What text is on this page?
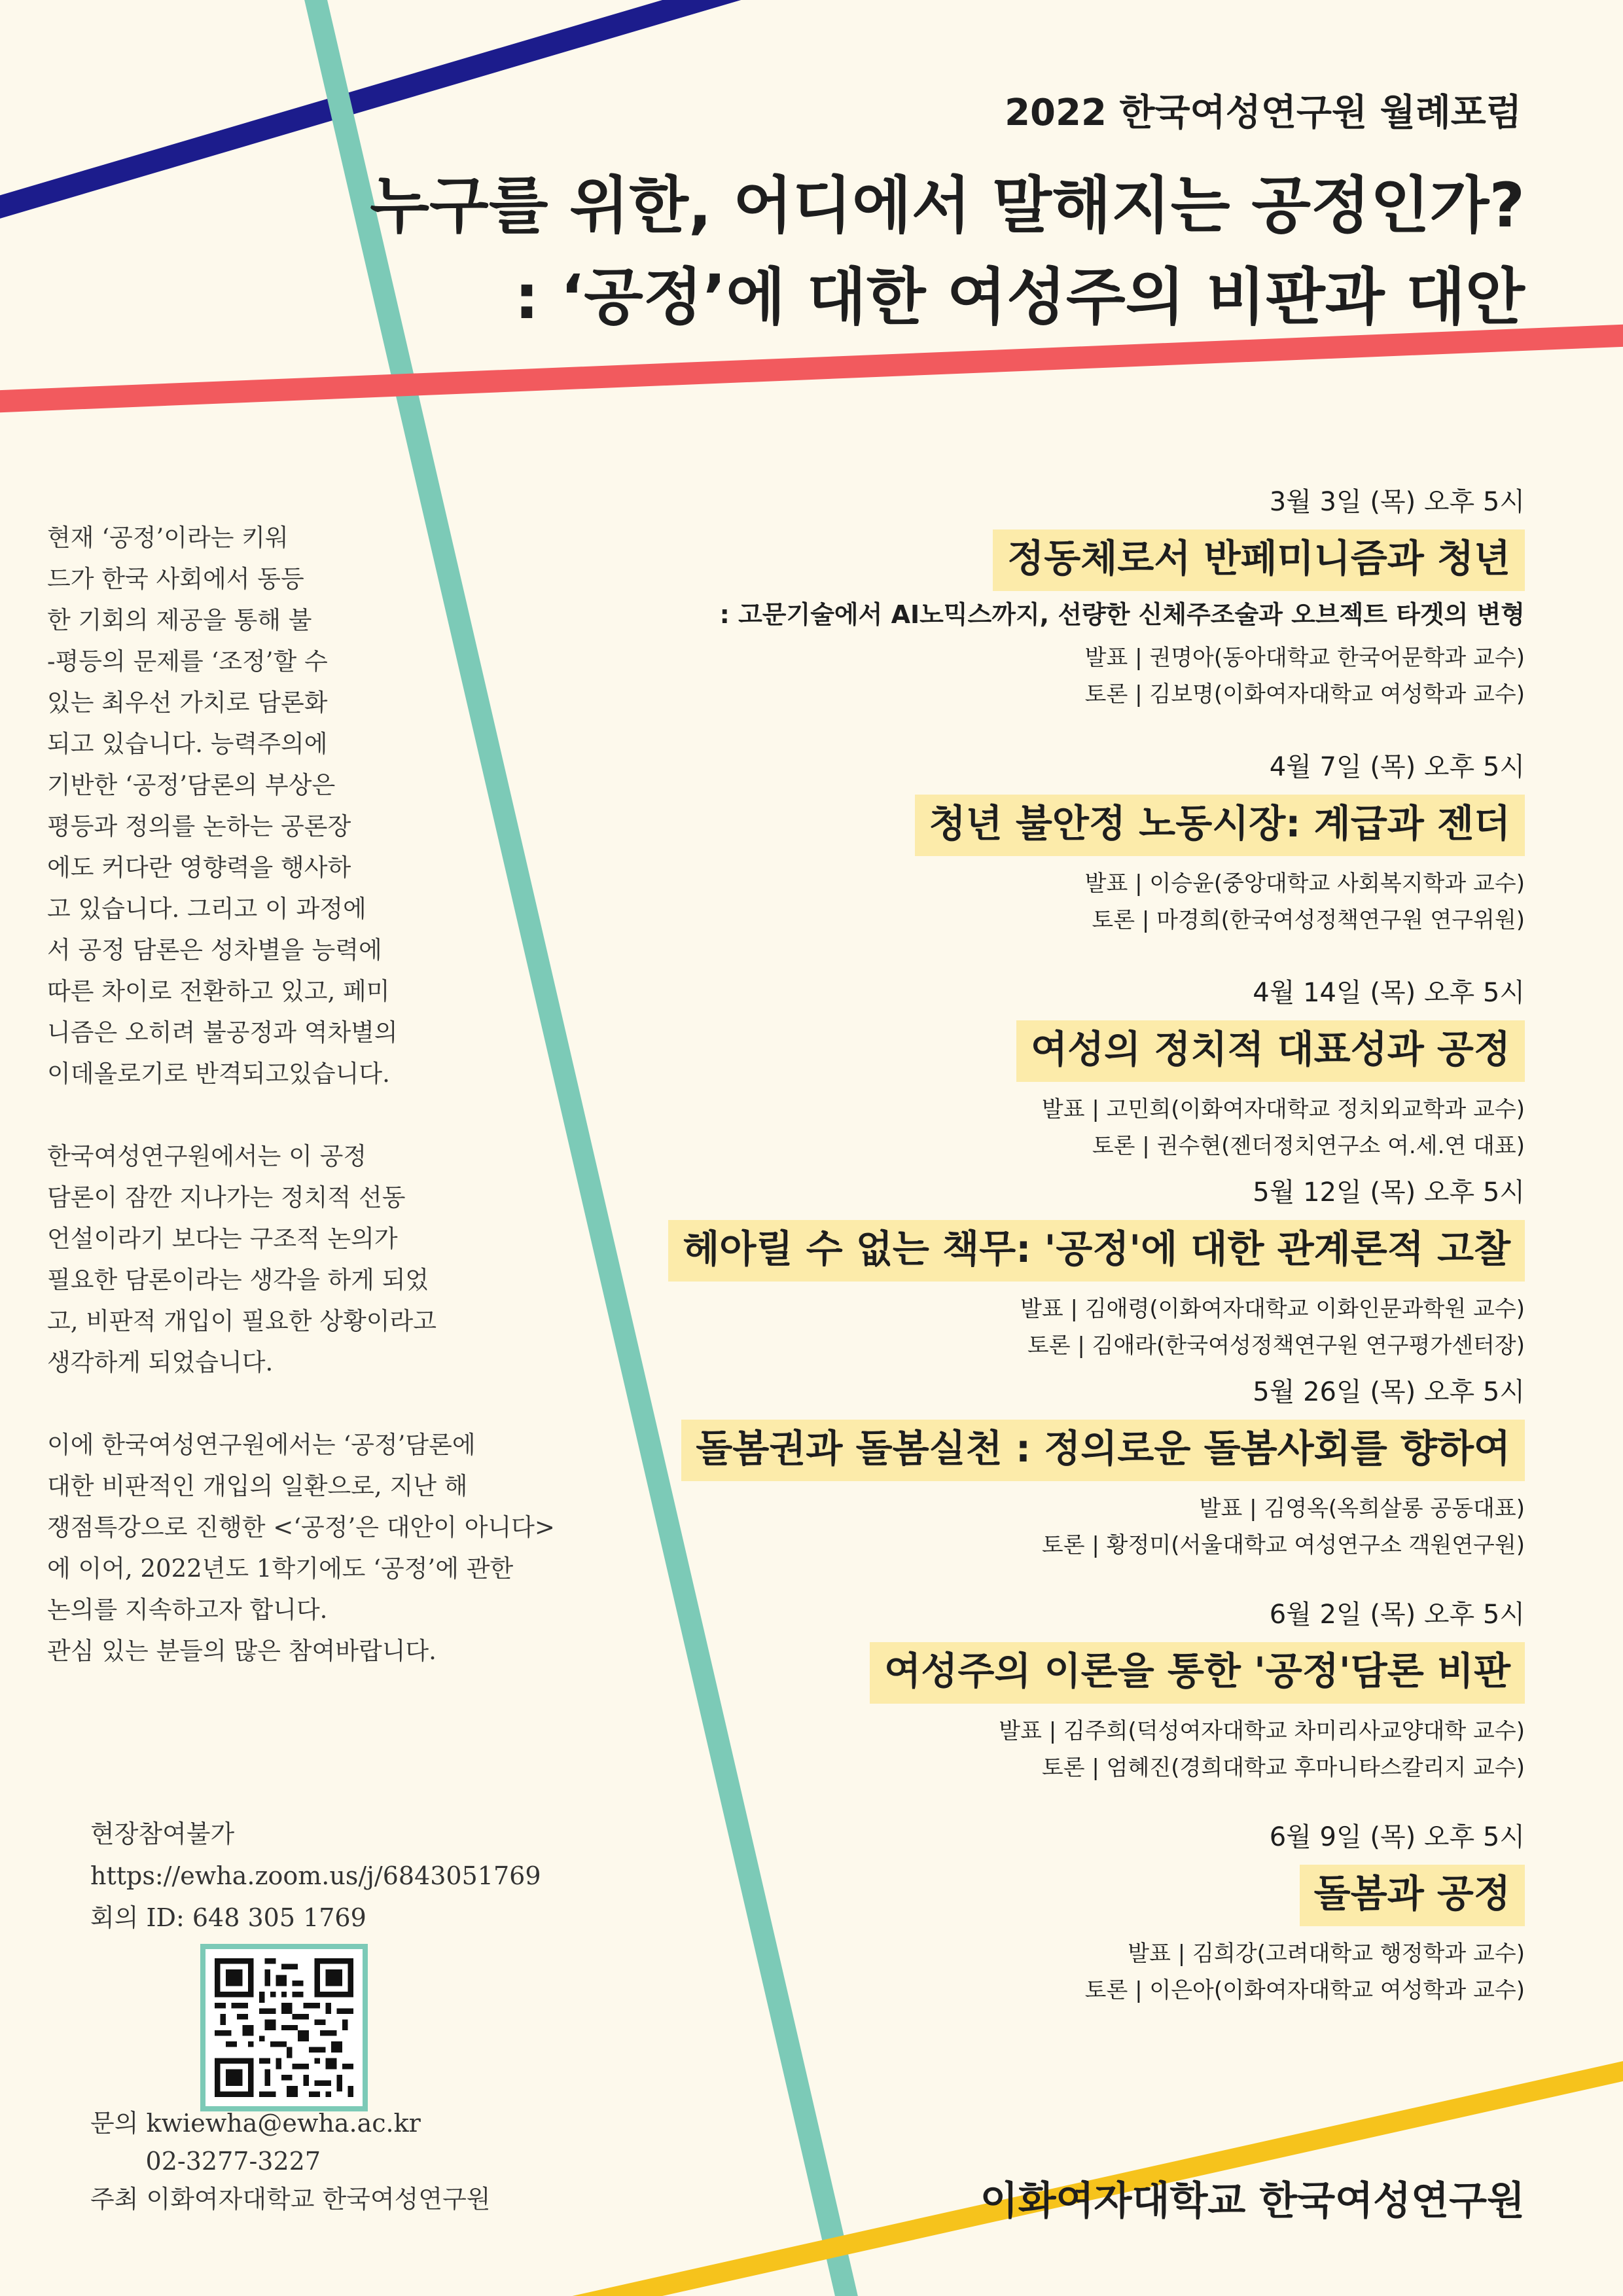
2022 한국여성연구원 월례포럼
누구를 위한, 어디에서 말해지는 공정인가?
: ‘공정’에 대한 여성주의 비판과 대안

현재 ‘공정’이라는 키워
드가 한국 사회에서 동등
한 기회의 제공을 통해 불
-평등의 문제를 ‘조정’할 수
있는 최우선 가치로 담론화
되고 있습니다. 능력주의에
기반한 ‘공정’담론의 부상은
평등과 정의를 논하는 공론장
에도 커다란 영향력을 행사하
고 있습니다. 그리고 이 과정에
서 공정 담론은 성차별을 능력에
따른 차이로 전환하고 있고, 페미
니즘은 오히려 불공정과 역차별의
이데올로기로 반격되고있습니다.

한국여성연구원에서는 이 공정
담론이 잠깐 지나가는 정치적 선동
언설이라기 보다는 구조적 논의가
필요한 담론이라는 생각을 하게 되었
고, 비판적 개입이 필요한 상황이라고
생각하게 되었습니다.

이에 한국여성연구원에서는 ‘공정’담론에
대한 비판적인 개입의 일환으로, 지난 해
쟁점특강으로 진행한 <‘공정’은 대안이 아니다>
에 이어, 2022년도 1학기에도 ‘공정’에 관한
논의를 지속하고자 합니다.
관심 있는 분들의 많은 참여바랍니다.

현장참여불가
https://ewha.zoom.us/j/6843051769
회의 ID: 648 305 1769
문의 kwiewha@ewha.ac.kr
02-3277-3227
주최 이화여자대학교 한국여성연구원
3월 3일 (목) 오후 5시
정동체로서 반페미니즘과 청년
: 고문기술에서 AI노믹스까지, 선량한 신체주조술과 오브젝트 타겟의 변형
발표 | 권명아(동아대학교 한국어문학과 교수)
토론 | 김보명(이화여자대학교 여성학과 교수)
4월 7일 (목) 오후 5시
청년 불안정 노동시장: 계급과 젠더
발표 | 이승윤(중앙대학교 사회복지학과 교수)
토론 | 마경희(한국여성정책연구원 연구위원)
4월 14일 (목) 오후 5시
여성의 정치적 대표성과 공정
발표 | 고민희(이화여자대학교 정치외교학과 교수)
토론 | 권수현(젠더정치연구소 여.세.연 대표)
5월 12일 (목) 오후 5시
헤아릴 수 없는 책무: '공정'에 대한 관계론적 고찰
발표 | 김애령(이화여자대학교 이화인문과학원 교수)
토론 | 김애라(한국여성정책연구원 연구평가센터장)
5월 26일 (목) 오후 5시
돌봄권과 돌봄실천 : 정의로운 돌봄사회를 향하여
발표 | 김영옥(옥희살롱 공동대표)
토론 | 황정미(서울대학교 여성연구소 객원연구원)
6월 2일 (목) 오후 5시
여성주의 이론을 통한 '공정'담론 비판
발표 | 김주희(덕성여자대학교 차미리사교양대학 교수)
토론 | 엄혜진(경희대학교 후마니타스칼리지 교수)
6월 9일 (목) 오후 5시
돌봄과 공정
발표 | 김희강(고려대학교 행정학과 교수)
토론 | 이은아(이화여자대학교 여성학과 교수)
이화여자대학교 한국여성연구원
